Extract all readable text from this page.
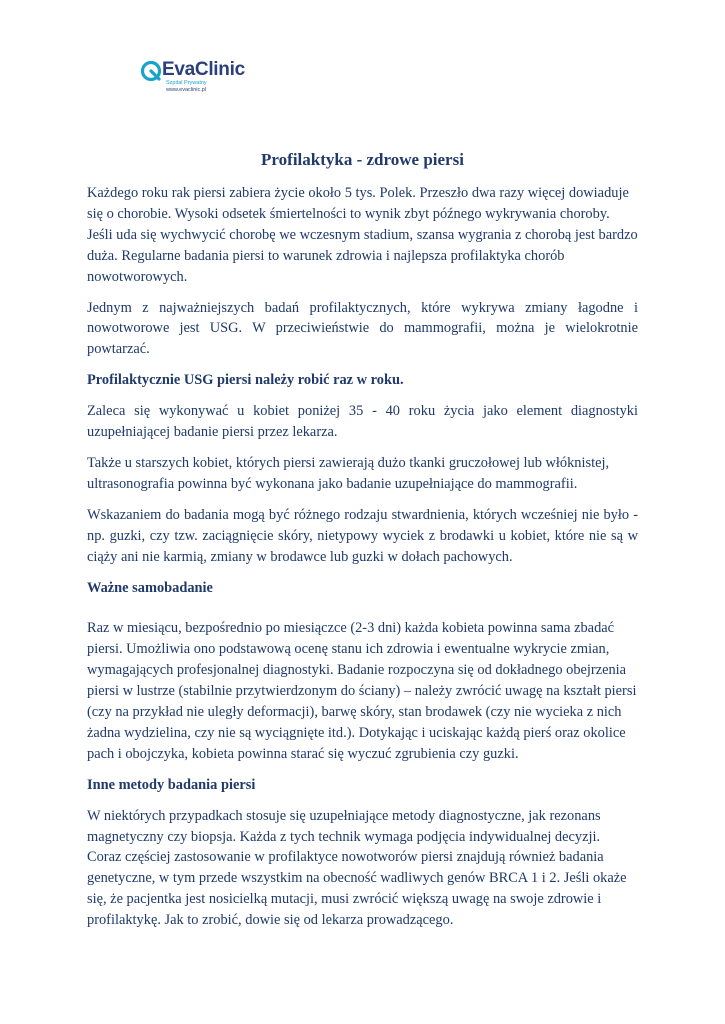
EvaClinic
Szpital Prywatny
www.evaclinic.pl
Profilaktyka - zdrowe piersi

Każdego roku rak piersi zabiera życie około 5 tys. Polek. Przeszło dwa razy więcej dowiaduje się o chorobie. Wysoki odsetek śmiertelności to wynik zbyt późnego wykrywania choroby. Jeśli uda się wychwycić chorobę we wczesnym stadium, szansa wygrania z chorobą jest bardzo duża. Regularne badania piersi to warunek zdrowia i najlepsza profilaktyka chorób nowotworowych.

Jednym z najważniejszych badań profilaktycznych, które wykrywa zmiany łagodne i nowotworowe jest USG. W przeciwieństwie do mammografii, można je wielokrotnie powtarzać.

Profilaktycznie USG piersi należy robić raz w roku.

Zaleca się wykonywać u kobiet poniżej 35 - 40 roku życia jako element diagnostyki uzupełniającej badanie piersi przez lekarza.

Także u starszych kobiet, których piersi zawierają dużo tkanki gruczołowej lub włóknistej, ultrasonografia powinna być wykonana jako badanie uzupełniające do mammografii.

Wskazaniem do badania mogą być różnego rodzaju stwardnienia, których wcześniej nie było - np. guzki, czy tzw. zaciągnięcie skóry, nietypowy wyciek z brodawki u kobiet, które nie są w ciąży ani nie karmią, zmiany w brodawce lub guzki w dołach pachowych.

Ważne samobadanie

Raz w miesiącu, bezpośrednio po miesiączce (2-3 dni) każda kobieta powinna sama zbadać piersi. Umożliwia ono podstawową ocenę stanu ich zdrowia i ewentualne wykrycie zmian, wymagających profesjonalnej diagnostyki. Badanie rozpoczyna się od dokładnego obejrzenia piersi w lustrze (stabilnie przytwierdzonym do ściany) – należy zwrócić uwagę na kształt piersi (czy na przykład nie uległy deformacji), barwę skóry, stan brodawek (czy nie wycieka z nich żadna wydzielina, czy nie są wyciągnięte itd.). Dotykając i uciskając każdą pierś oraz okolice pach i obojczyka, kobieta powinna starać się wyczuć zgrubienia czy guzki.

Inne metody badania piersi

W niektórych przypadkach stosuje się uzupełniające metody diagnostyczne, jak rezonans magnetyczny czy biopsja. Każda z tych technik wymaga podjęcia indywidualnej decyzji. Coraz częściej zastosowanie w profilaktyce nowotworów piersi znajdują również badania genetyczne, w tym przede wszystkim na obecność wadliwych genów BRCA 1 i 2. Jeśli okaże się, że pacjentka jest nosicielką mutacji, musi zwrócić większą uwagę na swoje zdrowie i profilaktykę. Jak to zrobić, dowie się od lekarza prowadzącego.
